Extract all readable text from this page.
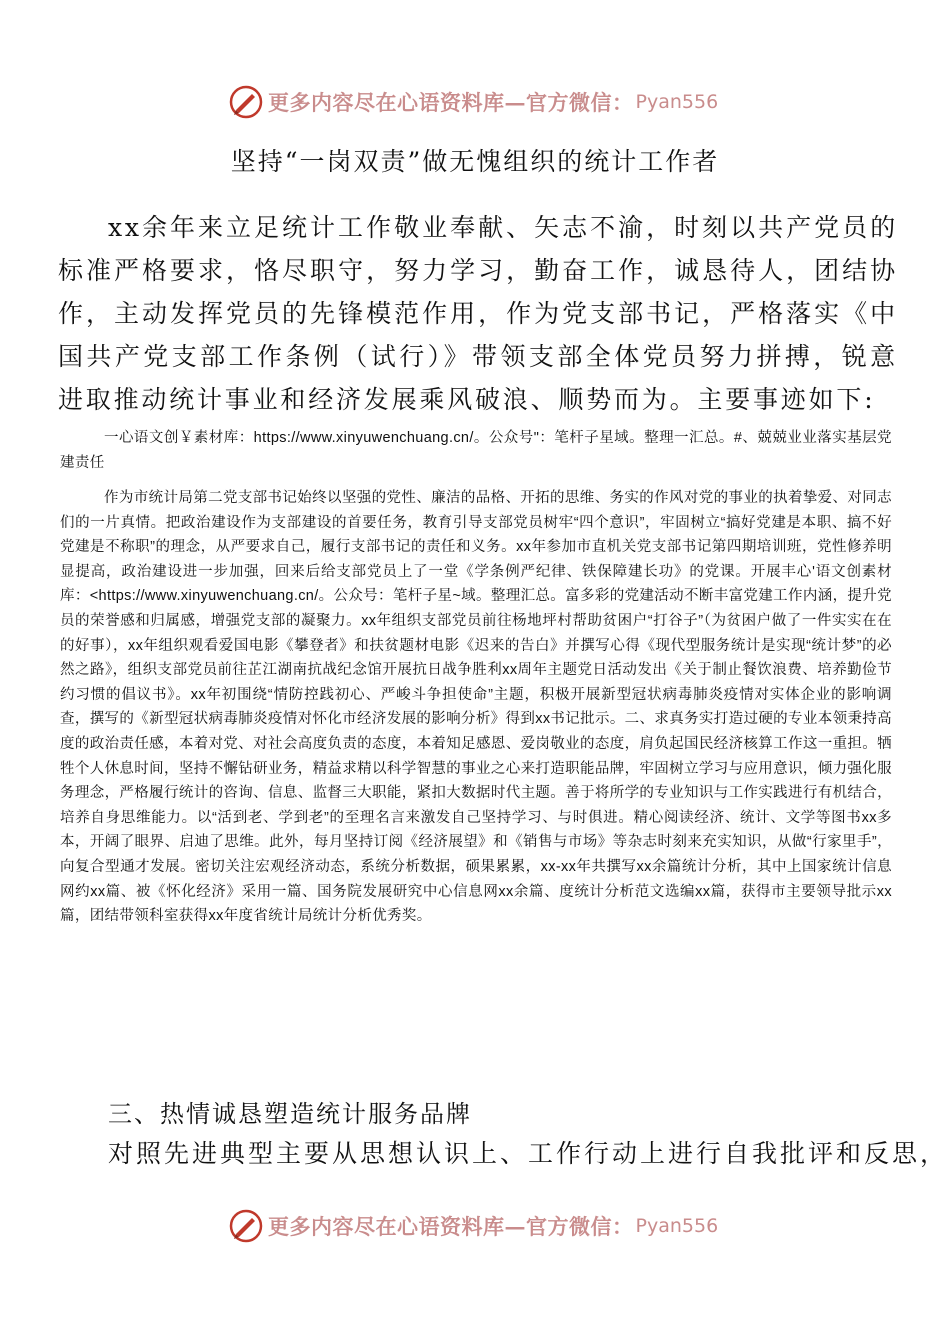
更多内容尽在心语资料库—官方微信： Pyan556
坚持“一岗双责”做无愧组织的统计工作者

xx余年来立足统计工作敬业奉献、矢志不渝，时刻以共产党员的标准严格要求，恪尽职守，努力学习，勤奋工作，诚恳待人，团结协作，主动发挥党员的先锋模范作用，作为党支部书记，严格落实《中国共产党支部工作条例（试行）》带领支部全体党员努力拼搏，锐意进取推动统计事业和经济发展乘风破浪、顺势而为。主要事迹如下:

一心语文创￥素材库：https://www.xinyuwenchuang.cn/。公众号"：笔杆子星域。整理一汇总。#、兢兢业业落实基层党建责任

作为市统计局第二党支部书记始终以坚强的党性、廉洁的品格、开拓的思维、务实的作风对党的事业的执着挚爱、对同志们的一片真情。把政治建设作为支部建设的首要任务，教育引导支部党员树牢“四个意识”，牢固树立“搞好党建是本职、搞不好党建是不称职”的理念，从严要求自己，履行支部书记的责任和义务。xx年参加市直机关党支部书记第四期培训班，党性修养明显提高，政治建设进一步加强，回来后给支部党员上了一堂《学条例严纪律、铁保障建长功》的党课。开展丰心'语文创素材库：<https://www.xinyuwenchuang.cn/。公众号：笔杆子星~域。整理汇总。富多彩的党建活动不断丰富党建工作内涵，提升党员的荣誉感和归属感，增强党支部的凝聚力。xx年组织支部党员前往杨地坪村帮助贫困户“打谷子”（为贫困户做了一件实实在在的好事），xx年组织观看爱国电影《攀登者》和扶贫题材电影《迟来的告白》并撰写心得《现代型服务统计是实现“统计梦”的必然之路》，组织支部党员前往芷江湖南抗战纪念馆开展抗日战争胜利xx周年主题党日活动发出《关于制止餐饮浪费、培养勤俭节约习惯的倡议书》。xx年初围绕“情防控践初心、严峻斗争担使命”主题，积极开展新型冠状病毒肺炎疫情对实体企业的影响调查，撰写的《新型冠状病毒肺炎疫情对怀化市经济发展的影响分析》得到xx书记批示。二、求真务实打造过硬的专业本领秉持高度的政治责任感，本着对党、对社会高度负责的态度，本着知足感恩、爱岗敬业的态度，肩负起国民经济核算工作这一重担。牺牲个人休息时间，坚持不懈钻研业务，精益求精以科学智慧的事业之心来打造职能品牌，牢固树立学习与应用意识，倾力强化服务理念，严格履行统计的咨询、信息、监督三大职能，紧扣大数据时代主题。善于将所学的专业知识与工作实践进行有机结合，培养自身思维能力。以“活到老、学到老”的至理名言来激发自己坚持学习、与时俱进。精心阅读经济、统计、文学等图书xx多本，开阔了眼界、启迪了思维。此外，每月坚持订阅《经济展望》和《销售与市场》等杂志时刻来充实知识，从做“行家里手”，向复合型通才发展。密切关注宏观经济动态，系统分析数据，硕果累累，xx-xx年共撰写xx余篇统计分析，其中上国家统计信息网约xx篇、被《怀化经济》采用一篇、国务院发展研究中心信息网xx余篇、度统计分析范文选编xx篇，获得市主要领导批示xx篇，团结带领科室获得xx年度省统计局统计分析优秀奖。

三、热情诚恳塑造统计服务品牌

对照先进典型主要从思想认识上、工作行动上进行自我批评和反思，

更多内容尽在心语资料库—官方微信： Pyan556
